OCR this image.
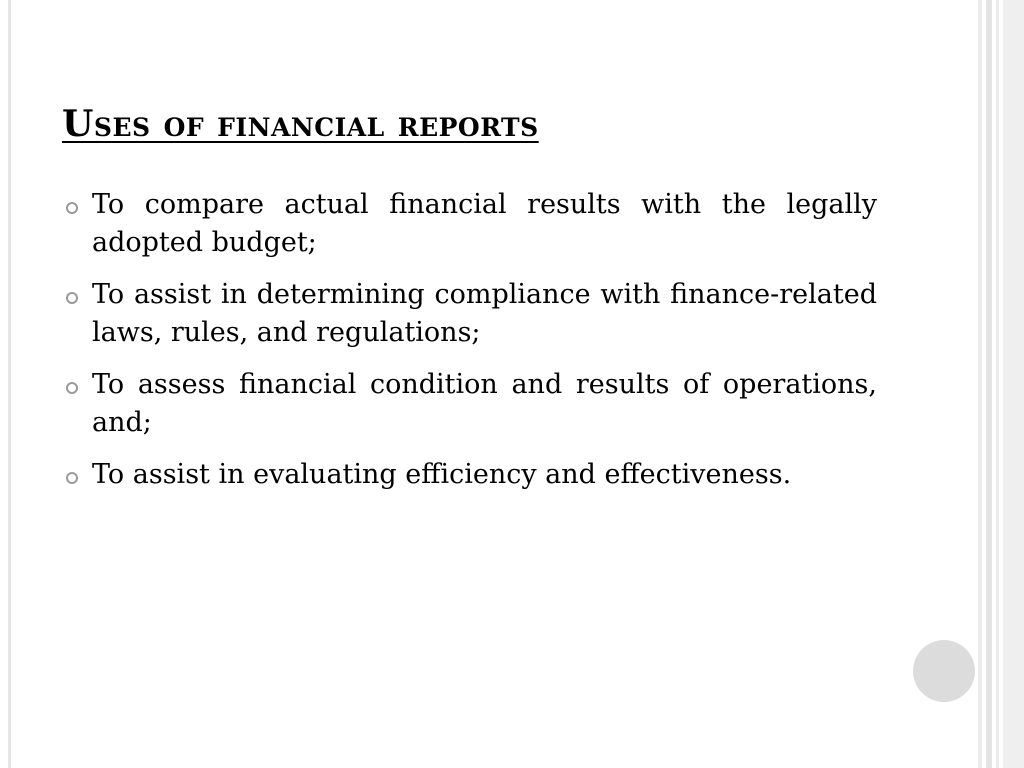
Uses of financial reports
To compare actual financial results with the legally adopted budget;
To assist in determining compliance with finance-related laws, rules, and regulations;
To assess financial condition and results of operations, and;
To assist in evaluating efficiency and effectiveness.
